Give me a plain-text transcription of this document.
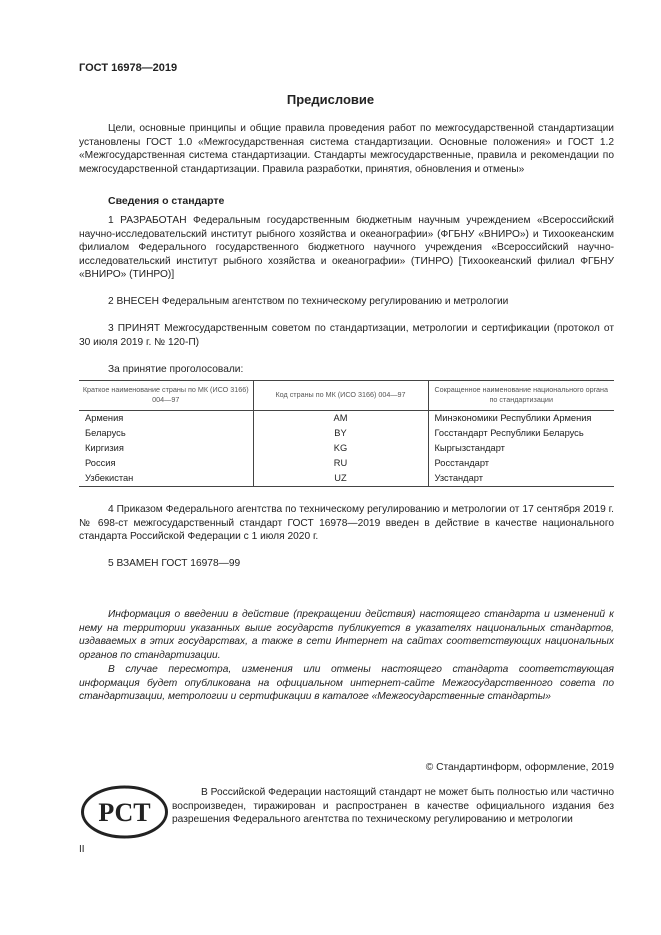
ГОСТ 16978—2019
Предисловие

Цели, основные принципы и общие правила проведения работ по межгосударственной стандартизации установлены ГОСТ 1.0 «Межгосударственная система стандартизации. Основные положения» и ГОСТ 1.2 «Межгосударственная система стандартизации. Стандарты межгосударственные, правила и рекомендации по межгосударственной стандартизации. Правила разработки, принятия, обновления и отмены»

Сведения о стандарте

1 РАЗРАБОТАН Федеральным государственным бюджетным научным учреждением «Всероссийский научно-исследовательский институт рыбного хозяйства и океанографии» (ФГБНУ «ВНИРО») и Тихоокеанским филиалом Федерального государственного бюджетного научного учреждения «Всероссийский научно-исследовательский институт рыбного хозяйства и океанографии» (ТИНРО) [Тихоокеанский филиал ФГБНУ «ВНИРО» (ТИНРО)]

2 ВНЕСЕН Федеральным агентством по техническому регулированию и метрологии

3 ПРИНЯТ Межгосударственным советом по стандартизации, метрологии и сертификации (протокол от 30 июля 2019 г. № 120-П)

За принятие проголосовали:
Краткое наименование страны по МК (ИСО 3166) 004—97	Код страны по МК (ИСО 3166) 004—97	Сокращенное наименование национального органа по стандартизации
Армения	AM	Минэкономики Республики Армения
Беларусь	BY	Госстандарт Республики Беларусь
Киргизия	KG	Кыргызстандарт
Россия	RU	Росстандарт
Узбекистан	UZ	Узстандарт

4 Приказом Федерального агентства по техническому регулированию и метрологии от 17 сентября 2019 г. № 698-ст межгосударственный стандарт ГОСТ 16978—2019 введен в действие в качестве национального стандарта Российской Федерации с 1 июля 2020 г.

5 ВЗАМЕН ГОСТ 16978—99

Информация о введении в действие (прекращении действия) настоящего стандарта и изменений к нему на территории указанных выше государств публикуется в указателях национальных стандартов, издаваемых в этих государствах, а также в сети Интернет на сайтах соответствующих национальных органов по стандартизации.

В случае пересмотра, изменения или отмены настоящего стандарта соответствующая информация будет опубликована на официальном интернет-сайте Межгосударственного совета по стандартизации, метрологии и сертификации в каталоге «Межгосударственные стандарты»

© Стандартинформ, оформление, 2019
РСТ

В Российской Федерации настоящий стандарт не может быть полностью или частично воспроизведен, тиражирован и распространен в качестве официального издания без разрешения Федерального агентства по техническому регулированию и метрологии

II
